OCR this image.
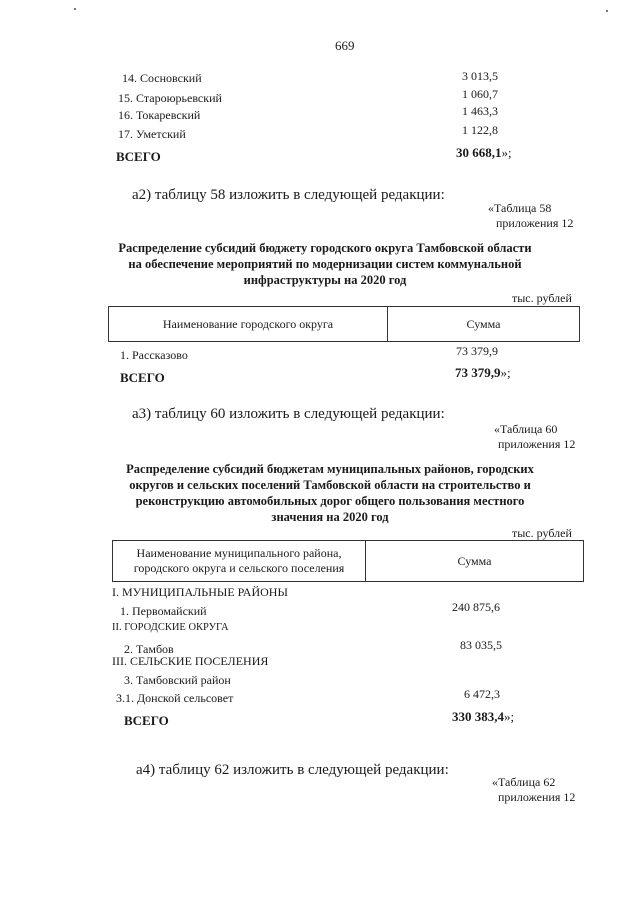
669
14. Сосновский	3 013,5
15. Староюрьевский	1 060,7
16. Токаревский	1 463,3
17. Уметский	1 122,8
ВСЕГО	30 668,1»;
а2) таблицу 58 изложить в следующей редакции:
«Таблица 58
приложения 12
Распределение субсидий бюджету городского округа Тамбовской области
на обеспечение мероприятий по модернизации систем коммунальной
инфраструктуры на 2020 год
тыс. рублей
Наименование городского округа	Сумма
1. Рассказово	73 379,9
ВСЕГО	73 379,9»;
а3) таблицу 60 изложить в следующей редакции:
«Таблица 60
приложения 12
Распределение субсидий бюджетам муниципальных районов, городских
округов и сельских поселений Тамбовской области на строительство и
реконструкцию автомобильных дорог общего пользования местного
значения на 2020 год
тыс. рублей
Наименование муниципального района,
городского округа и сельского поселения
	Сумма
I. МУНИЦИПАЛЬНЫЕ РАЙОНЫ
1. Первомайский	240 875,6
II. ГОРОДСКИЕ ОКРУГА
2. Тамбов	83 035,5
III. СЕЛЬСКИЕ ПОСЕЛЕНИЯ
3. Тамбовский район
3.1. Донской сельсовет	6 472,3
ВСЕГО	330 383,4»;
а4) таблицу 62 изложить в следующей редакции:
«Таблица 62
приложения 12
